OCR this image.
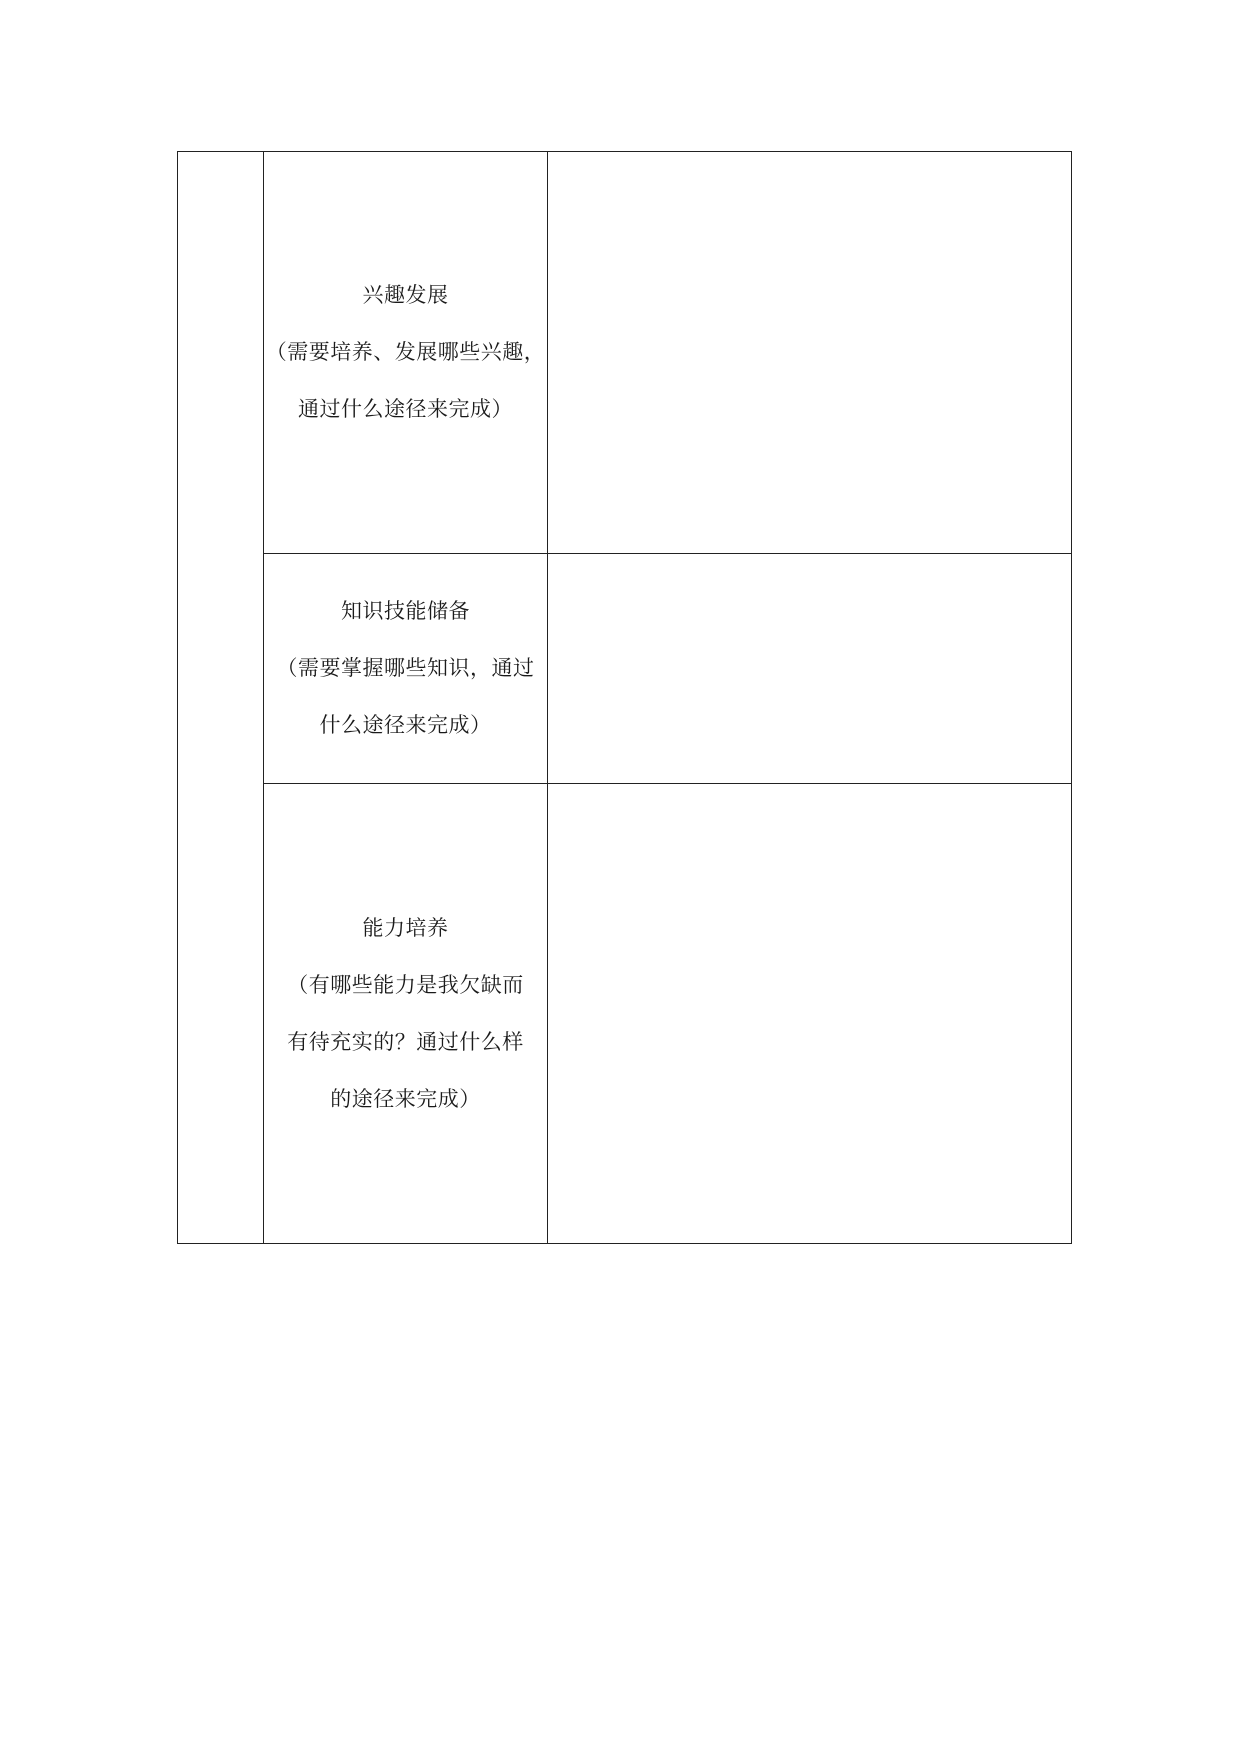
	兴趣发展
（需要培养、发展哪些兴趣，
通过什么途径来完成）	

	知识技能储备
（需要掌握哪些知识，通过
什么途径来完成）	

	能力培养
（有哪些能力是我欠缺而
有待充实的？通过什么样
的途径来完成）	
